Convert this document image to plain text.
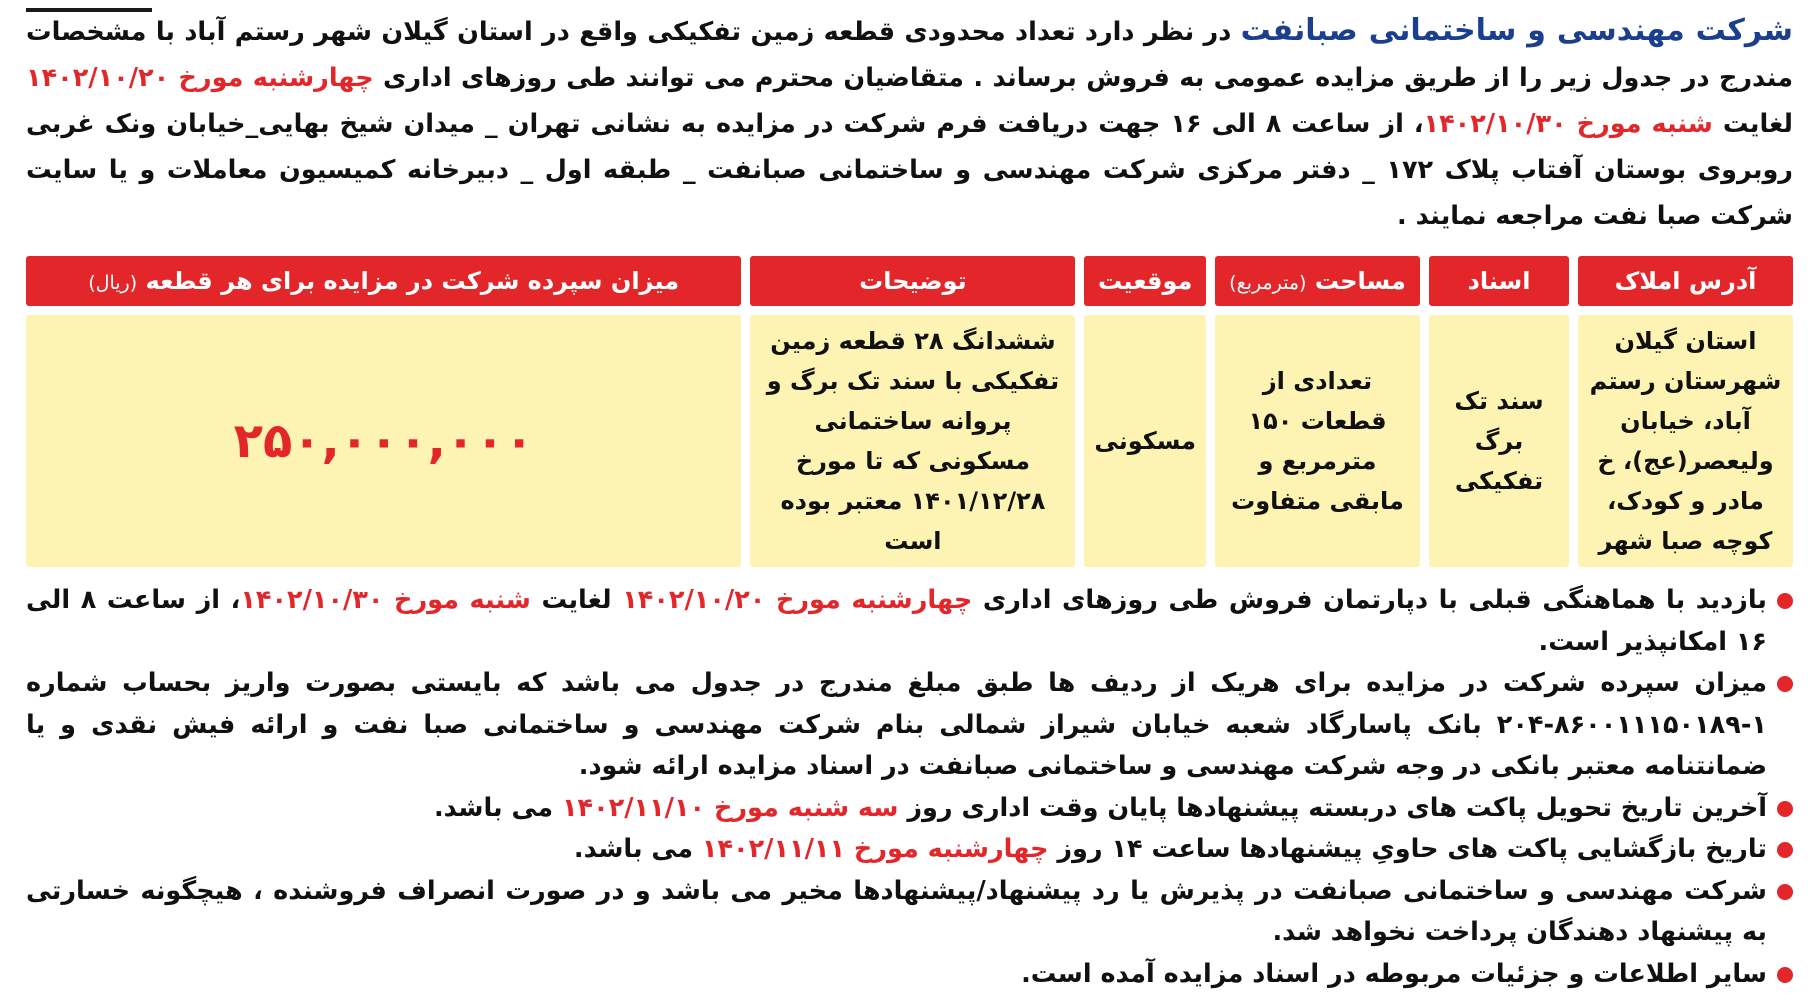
شرکت مهندسی و ساختمانی صبانفت در نظر دارد تعداد محدودی قطعه زمین تفکیکی واقع در استان گیلان شهر رستم آباد با مشخصات مندرج در جدول زیر را از طریق مزایده عمومی به فروش برساند . متقاضیان محترم می توانند طی روزهای اداری چهارشنبه مورخ ۱۴۰۲/۱۰/۲۰ لغایت شنبه مورخ ۱۴۰۲/۱۰/۳۰، از ساعت ۸ الی ۱۶ جهت دریافت فرم شرکت در مزایده به نشانی تهران _ میدان شیخ بهایی_خیابان ونک غربی روبروی بوستان آفتاب پلاک ۱۷۲ _ دفتر مرکزی شرکت مهندسی و ساختمانی صبانفت _ طبقه اول _ دبیرخانه کمیسیون معاملات و یا سایت شرکت صبا نفت مراجعه نمایند .

آدرس املاک	اسناد	مساحت (مترمربع)	موقعیت	توضیحات	میزان سپرده شرکت در مزایده برای هر قطعه (ریال)
استان گیلان شهرستان رستم آباد، خیابان ولیعصر(عج)، خ مادر و کودک، کوچه صبا شهر	سند تک برگ تفکیکی	تعدادی از قطعات ۱۵۰ مترمربع و مابقی متفاوت	مسکونی	ششدانگ ۲۸ قطعه زمین تفکیکی با سند تک برگ و پروانه ساختمانی مسکونی که تا مورخ ۱۴۰۱/۱۲/۲۸ معتبر بوده است	۲۵۰,۰۰۰,۰۰۰
بازدید با هماهنگی قبلی با دپارتمان فروش طی روزهای اداری چهارشنبه مورخ ۱۴۰۲/۱۰/۲۰ لغایت شنبه مورخ ۱۴۰۲/۱۰/۳۰، از ساعت ۸ الی ۱۶ امکانپذیر است.
میزان سپرده شرکت در مزایده برای هریک از ردیف ها طبق مبلغ مندرج در جدول می باشد که بایستی بصورت واریز بحساب شماره ۱-۸۶۰۰۱۱۱۵۰۱۸۹-۲۰۴ بانک پاسارگاد شعبه خیابان شیراز شمالی بنام شرکت مهندسی و ساختمانی صبا نفت و ارائه فیش نقدی و یا ضمانتنامه معتبر بانکی در وجه شرکت مهندسی و ساختمانی صبانفت در اسناد مزایده ارائه شود.
آخرین تاریخ تحویل پاکت های دربسته پیشنهادها پایان وقت اداری روز سه شنبه مورخ ۱۴۰۲/۱۱/۱۰ می باشد.
تاریخ بازگشایی پاکت های حاویِ پیشنهادها ساعت ۱۴ روز چهارشنبه مورخ ۱۴۰۲/۱۱/۱۱ می باشد.
شرکت مهندسی و ساختمانی صبانفت در پذیرش یا رد پیشنهاد/پیشنهادها مخیر می باشد و در صورت انصراف فروشنده ، هیچگونه خسارتی به پیشنهاد دهندگان پرداخت نخواهد شد.
سایر اطلاعات و جزئیات مربوطه در اسناد مزایده آمده است.
